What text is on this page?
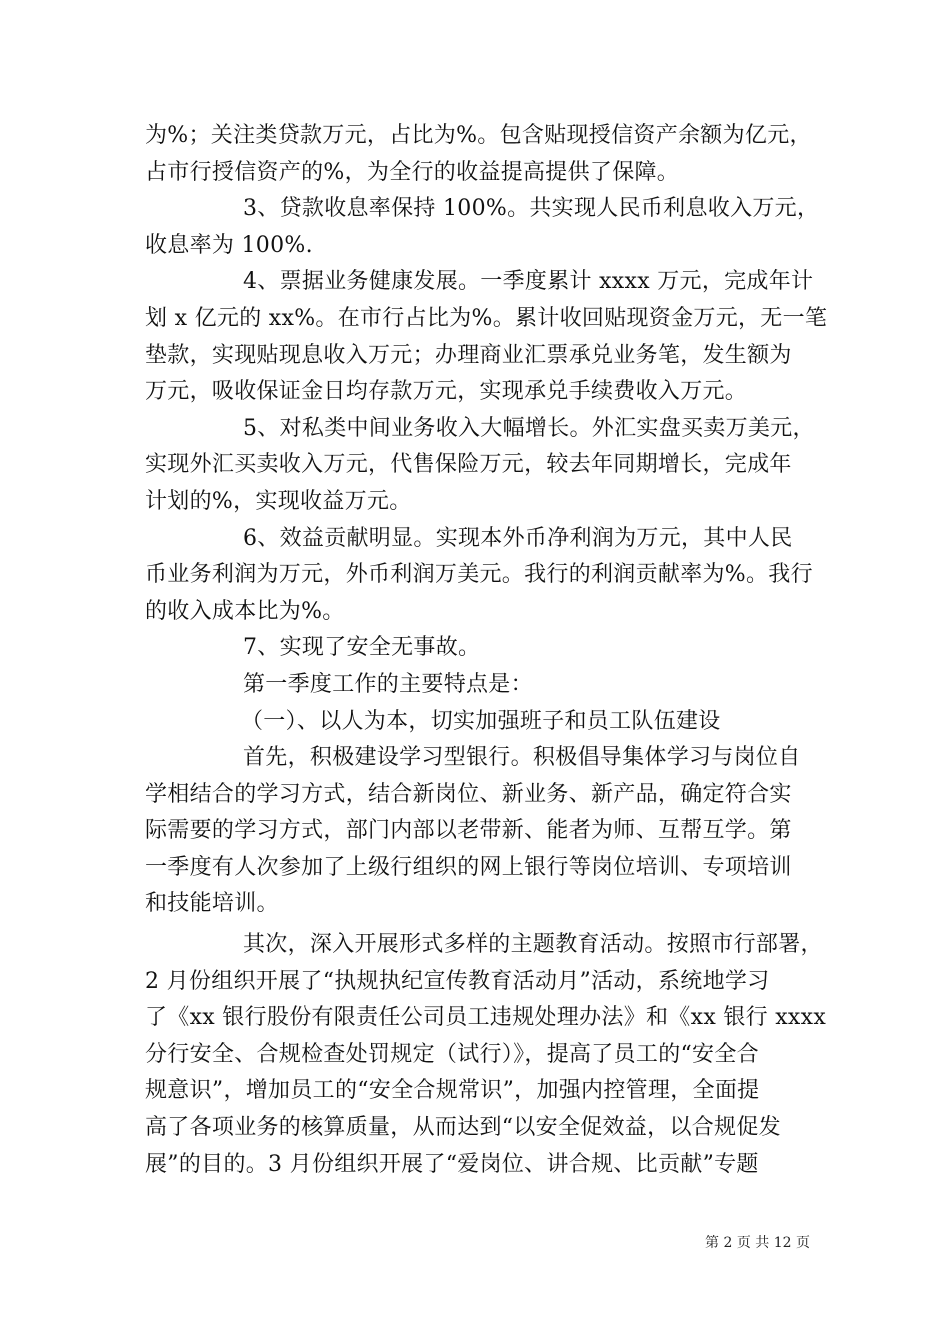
为%；关注类贷款万元，占比为%。包含贴现授信资产余额为亿元，
占市行授信资产的%，为全行的收益提高提供了保障。
3、贷款收息率保持 100%。共实现人民币利息收入万元，
收息率为 100%.
4、票据业务健康发展。一季度累计 xxxx 万元，完成年计
划 x 亿元的 xx%。在市行占比为%。累计收回贴现资金万元，无一笔
垫款，实现贴现息收入万元；办理商业汇票承兑业务笔，发生额为
万元，吸收保证金日均存款万元，实现承兑手续费收入万元。
5、对私类中间业务收入大幅增长。外汇实盘买卖万美元，
实现外汇买卖收入万元，代售保险万元，较去年同期增长，完成年
计划的%，实现收益万元。
6、效益贡献明显。实现本外币净利润为万元，其中人民
币业务利润为万元，外币利润万美元。我行的利润贡献率为%。我行
的收入成本比为%。
7、实现了安全无事故。
第一季度工作的主要特点是：
（一）、以人为本，切实加强班子和员工队伍建设
首先，积极建设学习型银行。积极倡导集体学习与岗位自
学相结合的学习方式，结合新岗位、新业务、新产品，确定符合实
际需要的学习方式，部门内部以老带新、能者为师、互帮互学。第
一季度有人次参加了上级行组织的网上银行等岗位培训、专项培训
和技能培训。
其次，深入开展形式多样的主题教育活动。按照市行部署，
2 月份组织开展了“执规执纪宣传教育活动月”活动，系统地学习
了《xx 银行股份有限责任公司员工违规处理办法》和《xx 银行 xxxx
分行安全、合规检查处罚规定（试行）》，提高了员工的“安全合
规意识”，增加员工的“安全合规常识”，加强内控管理，全面提
高了各项业务的核算质量，从而达到“以安全促效益，以合规促发
展”的目的。3 月份组织开展了“爱岗位、讲合规、比贡献”专题
第 2 页 共 12 页
